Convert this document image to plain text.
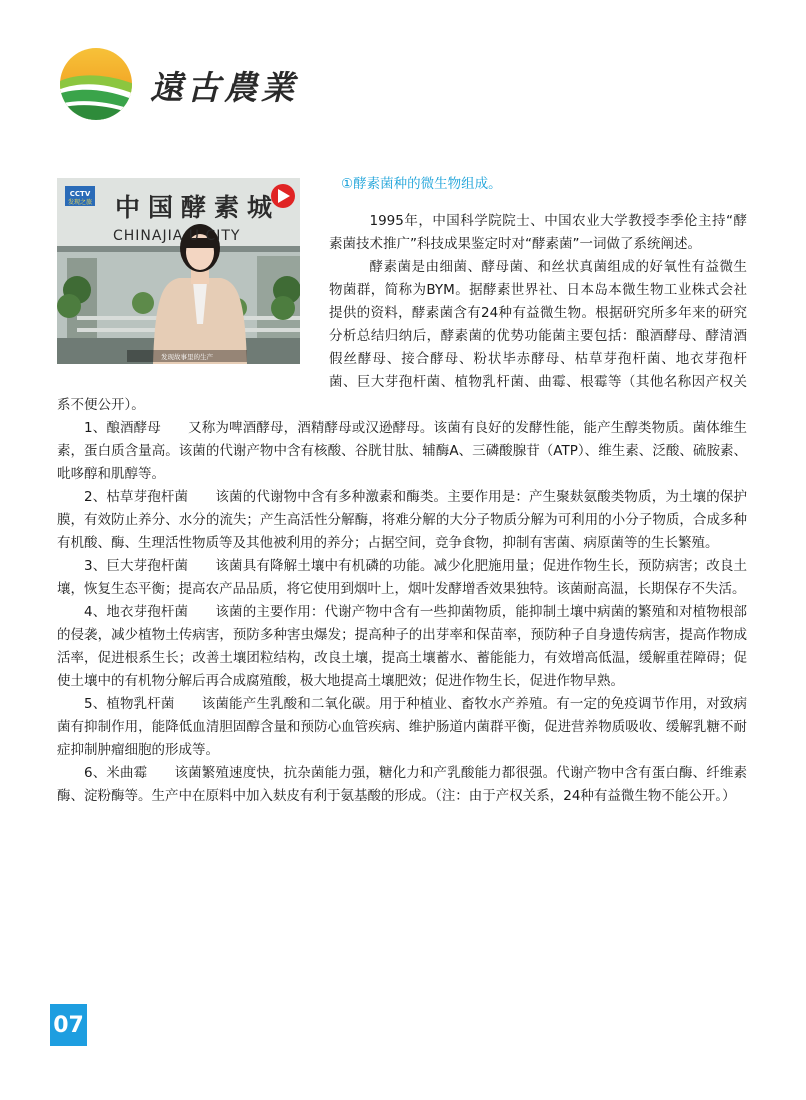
遠古農業
CCTV
发现之旅 中国酵素城
CHINAJIA U CITY
发现故事里的生产

①酵素菌种的微生物组成。

1995年，中国科学院院士、中国农业大学教授李季伦主持“酵素菌技术推广”科技成果鉴定时对“酵素菌”一词做了系统阐述。

酵素菌是由细菌、酵母菌、和丝状真菌组成的好氧性有益微生物菌群，简称为BYM。据酵素世界社、日本岛本微生物工业株式会社提供的资料，酵素菌含有24种有益微生物。根据研究所多年来的研究分析总结归纳后，酵素菌的优势功能菌主要包括：酿酒酵母、酵清酒假丝酵母、接合酵母、粉状毕赤酵母、枯草芽孢杆菌、地衣芽孢杆菌、巨大芽孢杆菌、植物乳杆菌、曲霉、根霉等（其他名称因产权关系不便公开）。

1、酿酒酵母　　又称为啤酒酵母，酒精酵母或汉逊酵母。该菌有良好的发酵性能，能产生醇类物质。菌体维生素，蛋白质含量高。该菌的代谢产物中含有核酸、谷胱甘肽、辅酶A、三磷酸腺苷（ATP）、维生素、泛酸、硫胺素、吡哆醇和肌醇等。

2、枯草芽孢杆菌　　该菌的代谢物中含有多种激素和酶类。主要作用是：产生聚麸氨酸类物质，为土壤的保护膜，有效防止养分、水分的流失；产生高活性分解酶，将难分解的大分子物质分解为可利用的小分子物质，合成多种有机酸、酶、生理活性物质等及其他被利用的养分；占据空间，竞争食物，抑制有害菌、病原菌等的生长繁殖。

3、巨大芽孢杆菌　　该菌具有降解土壤中有机磷的功能。减少化肥施用量；促进作物生长，预防病害；改良土壤，恢复生态平衡；提高农产品品质，将它使用到烟叶上，烟叶发酵增香效果独特。该菌耐高温，长期保存不失活。

4、地衣芽孢杆菌　　该菌的主要作用：代谢产物中含有一些抑菌物质，能抑制土壤中病菌的繁殖和对植物根部的侵袭，减少植物土传病害，预防多种害虫爆发；提高种子的出芽率和保苗率，预防种子自身遗传病害，提高作物成活率，促进根系生长；改善土壤团粒结构，改良土壤，提高土壤蓄水、蓄能能力，有效增高低温，缓解重茬障碍；促使土壤中的有机物分解后再合成腐殖酸，极大地提高土壤肥效；促进作物生长，促进作物早熟。

5、植物乳杆菌　　该菌能产生乳酸和二氧化碳。用于种植业、畜牧水产养殖。有一定的免疫调节作用，对致病菌有抑制作用，能降低血清胆固醇含量和预防心血管疾病、维护肠道内菌群平衡，促进营养物质吸收、缓解乳糖不耐症抑制肿瘤细胞的形成等。

6、米曲霉　　该菌繁殖速度快，抗杂菌能力强，糖化力和产乳酸能力都很强。代谢产物中含有蛋白酶、纤维素酶、淀粉酶等。生产中在原料中加入麸皮有利于氨基酸的形成。（注：由于产权关系，24种有益微生物不能公开。）

07
